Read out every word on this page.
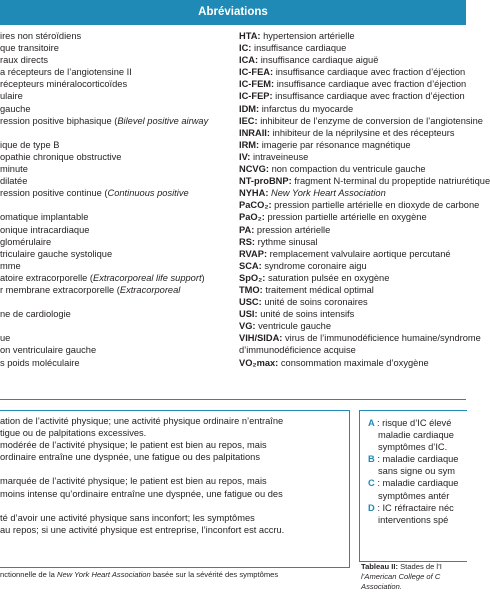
Abréviations
ires non stéroïdiens
que transitoire
raux directs
a récepteurs de l’angiotensine II
récepteurs minéralocorticoïdes
ulaire
gauche
ression positive biphasique (Bilevel positive airway
ique de type B
opathie chronique obstructive
minute
dilatée
ression positive continue (Continuous positive
omatique implantable
onique intracardiaque
glomérulaire
triculaire gauche systolique
mme
atoire extracorporelle (Extracorporeal life support)
r membrane extracorporelle (Extracorporeal
ne de cardiologie
ue
on ventriculaire gauche
s poids moléculaire
HTA: hypertension artérielle
IC: insuffisance cardiaque
ICA: insuffisance cardiaque aiguë
IC-FEA: insuffisance cardiaque avec fraction d’éjection
IC-FEM: insuffisance cardiaque avec fraction d’éjection
IC-FEP: insuffisance cardiaque avec fraction d’éjection
IDM: infarctus du myocarde
IEC: inhibiteur de l’enzyme de conversion de l’angiotensine
INRAII: inhibiteur de la néprilysine et des récepteurs
IRM: imagerie par résonance magnétique
IV: intraveineuse
NCVG: non compaction du ventricule gauche
NT-proBNP: fragment N-terminal du propeptide natriurétique
NYHA: New York Heart Association
PaCO₂: pression partielle artérielle en dioxyde de carbone
PaO₂: pression partielle artérielle en oxygène
PA: pression artérielle
RS: rythme sinusal
RVAP: remplacement valvulaire aortique percutané
SCA: syndrome coronaire aigu
SpO₂: saturation pulsée en oxygène
TMO: traitement médical optimal
USC: unité de soins coronaires
USI: unité de soins intensifs
VG: ventricule gauche
VIH/SIDA: virus de l’immunodéficience humaine/syndrome
d’immunodéficience acquise
VO₂max: consommation maximale d’oxygène
ation de l’activité physique; une activité physique ordinaire n’entraîne
tigue ou de palpitations excessives.
modérée de l’activité physique; le patient est bien au repos, mais
ordinaire entraîne une dyspnée, une fatigue ou des palpitations
marquée de l’activité physique; le patient est bien au repos, mais
moins intense qu’ordinaire entraîne une dyspnée, une fatigue ou des
té d’avoir une activité physique sans inconfort; les symptômes
au repos; si une activité physique est entreprise, l’inconfort est accru.
nctionnelle de la New York Heart Association basée sur la sévérité des symptômes
A : risque d’IC élevé
maladie cardiaque
symptômes d’IC.
B : maladie cardiaque
sans signe ou sym
C : maladie cardiaque
symptômes antér
D : IC réfractaire néc
interventions spé
Tableau II: Stades de l’I
l’American College of C
Association.
